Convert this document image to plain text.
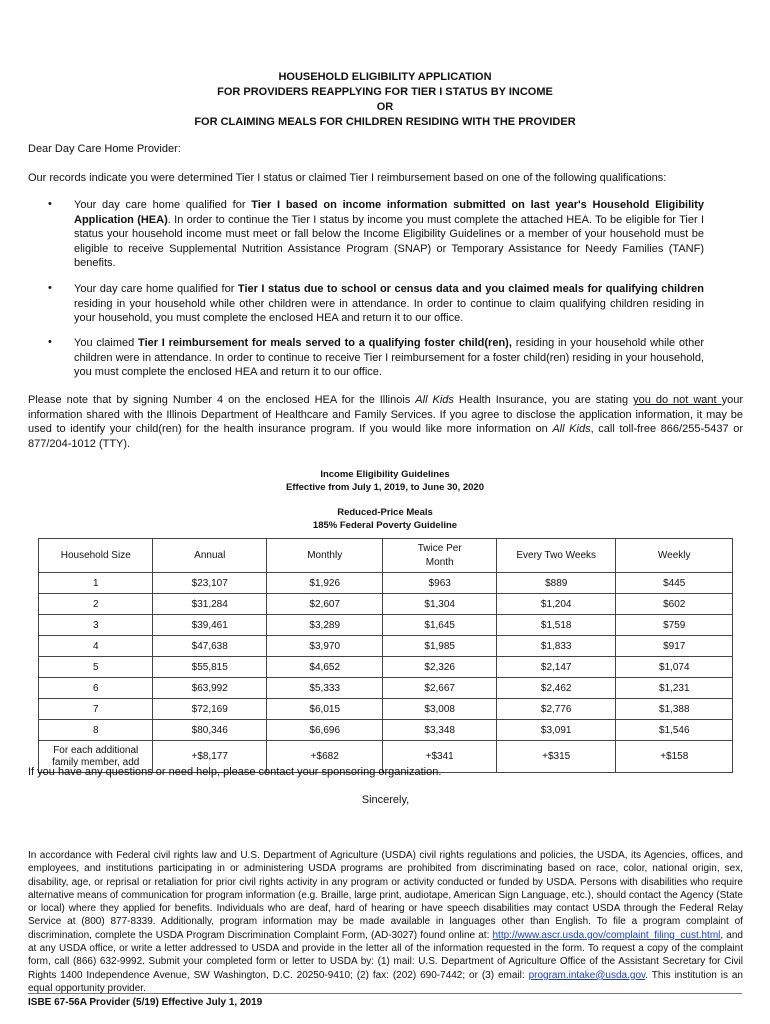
HOUSEHOLD ELIGIBILITY APPLICATION
FOR PROVIDERS REAPPLYING FOR TIER I STATUS BY INCOME
OR
FOR CLAIMING MEALS FOR CHILDREN RESIDING WITH THE PROVIDER
Dear Day Care Home Provider:
Our records indicate you were determined Tier I status or claimed Tier I reimbursement based on one of the following qualifications:
• Your day care home qualified for Tier I based on income information submitted on last year's Household Eligibility Application (HEA). In order to continue the Tier I status by income you must complete the attached HEA. To be eligible for Tier I status your household income must meet or fall below the Income Eligibility Guidelines or a member of your household must be eligible to receive Supplemental Nutrition Assistance Program (SNAP) or Temporary Assistance for Needy Families (TANF) benefits.
• Your day care home qualified for Tier I status due to school or census data and you claimed meals for qualifying children residing in your household while other children were in attendance. In order to continue to claim qualifying children residing in your household, you must complete the enclosed HEA and return it to our office.
• You claimed Tier I reimbursement for meals served to a qualifying foster child(ren), residing in your household while other children were in attendance. In order to continue to receive Tier I reimbursement for a foster child(ren) residing in your household, you must complete the enclosed HEA and return it to our office.
Please note that by signing Number 4 on the enclosed HEA for the Illinois All Kids Health Insurance, you are stating you do not want your information shared with the Illinois Department of Healthcare and Family Services. If you agree to disclose the application information, it may be used to identify your child(ren) for the health insurance program. If you would like more information on All Kids, call toll-free 866/255-5437 or 877/204-1012 (TTY).
Income Eligibility Guidelines
Effective from July 1, 2019, to June 30, 2020
Reduced-Price Meals
185% Federal Poverty Guideline
Household Size	Annual	Monthly	Twice Per Month	Every Two Weeks	Weekly
1	$23,107	$1,926	$963	$889	$445
2	$31,284	$2,607	$1,304	$1,204	$602
3	$39,461	$3,289	$1,645	$1,518	$759
4	$47,638	$3,970	$1,985	$1,833	$917
5	$55,815	$4,652	$2,326	$2,147	$1,074
6	$63,992	$5,333	$2,667	$2,462	$1,231
7	$72,169	$6,015	$3,008	$2,776	$1,388
8	$80,346	$6,696	$3,348	$3,091	$1,546

For each additional family member, add	+$8,177	+$682	+$341	+$315	+$158
If you have any questions or need help, please contact your sponsoring organization.
Sincerely,
In accordance with Federal civil rights law and U.S. Department of Agriculture (USDA) civil rights regulations and policies, the USDA, its Agencies, offices, and employees, and institutions participating in or administering USDA programs are prohibited from discriminating based on race, color, national origin, sex, disability, age, or reprisal or retaliation for prior civil rights activity in any program or activity conducted or funded by USDA. Persons with disabilities who require alternative means of communication for program information (e.g. Braille, large print, audiotape, American Sign Language, etc.), should contact the Agency (State or local) where they applied for benefits. Individuals who are deaf, hard of hearing or have speech disabilities may contact USDA through the Federal Relay Service at (800) 877-8339. Additionally, program information may be made available in languages other than English. To file a program complaint of discrimination, complete the USDA Program Discrimination Complaint Form, (AD-3027) found online at: http://www.ascr.usda.gov/complaint_filing_cust.html, and at any USDA office, or write a letter addressed to USDA and provide in the letter all of the information requested in the form. To request a copy of the complaint form, call (866) 632-9992. Submit your completed form or letter to USDA by: (1) mail: U.S. Department of Agriculture Office of the Assistant Secretary for Civil Rights 1400 Independence Avenue, SW Washington, D.C. 20250-9410; (2) fax: (202) 690-7442; or (3) email: program.intake@usda.gov. This institution is an equal opportunity provider.
ISBE 67-56A Provider (5/19) Effective July 1, 2019
